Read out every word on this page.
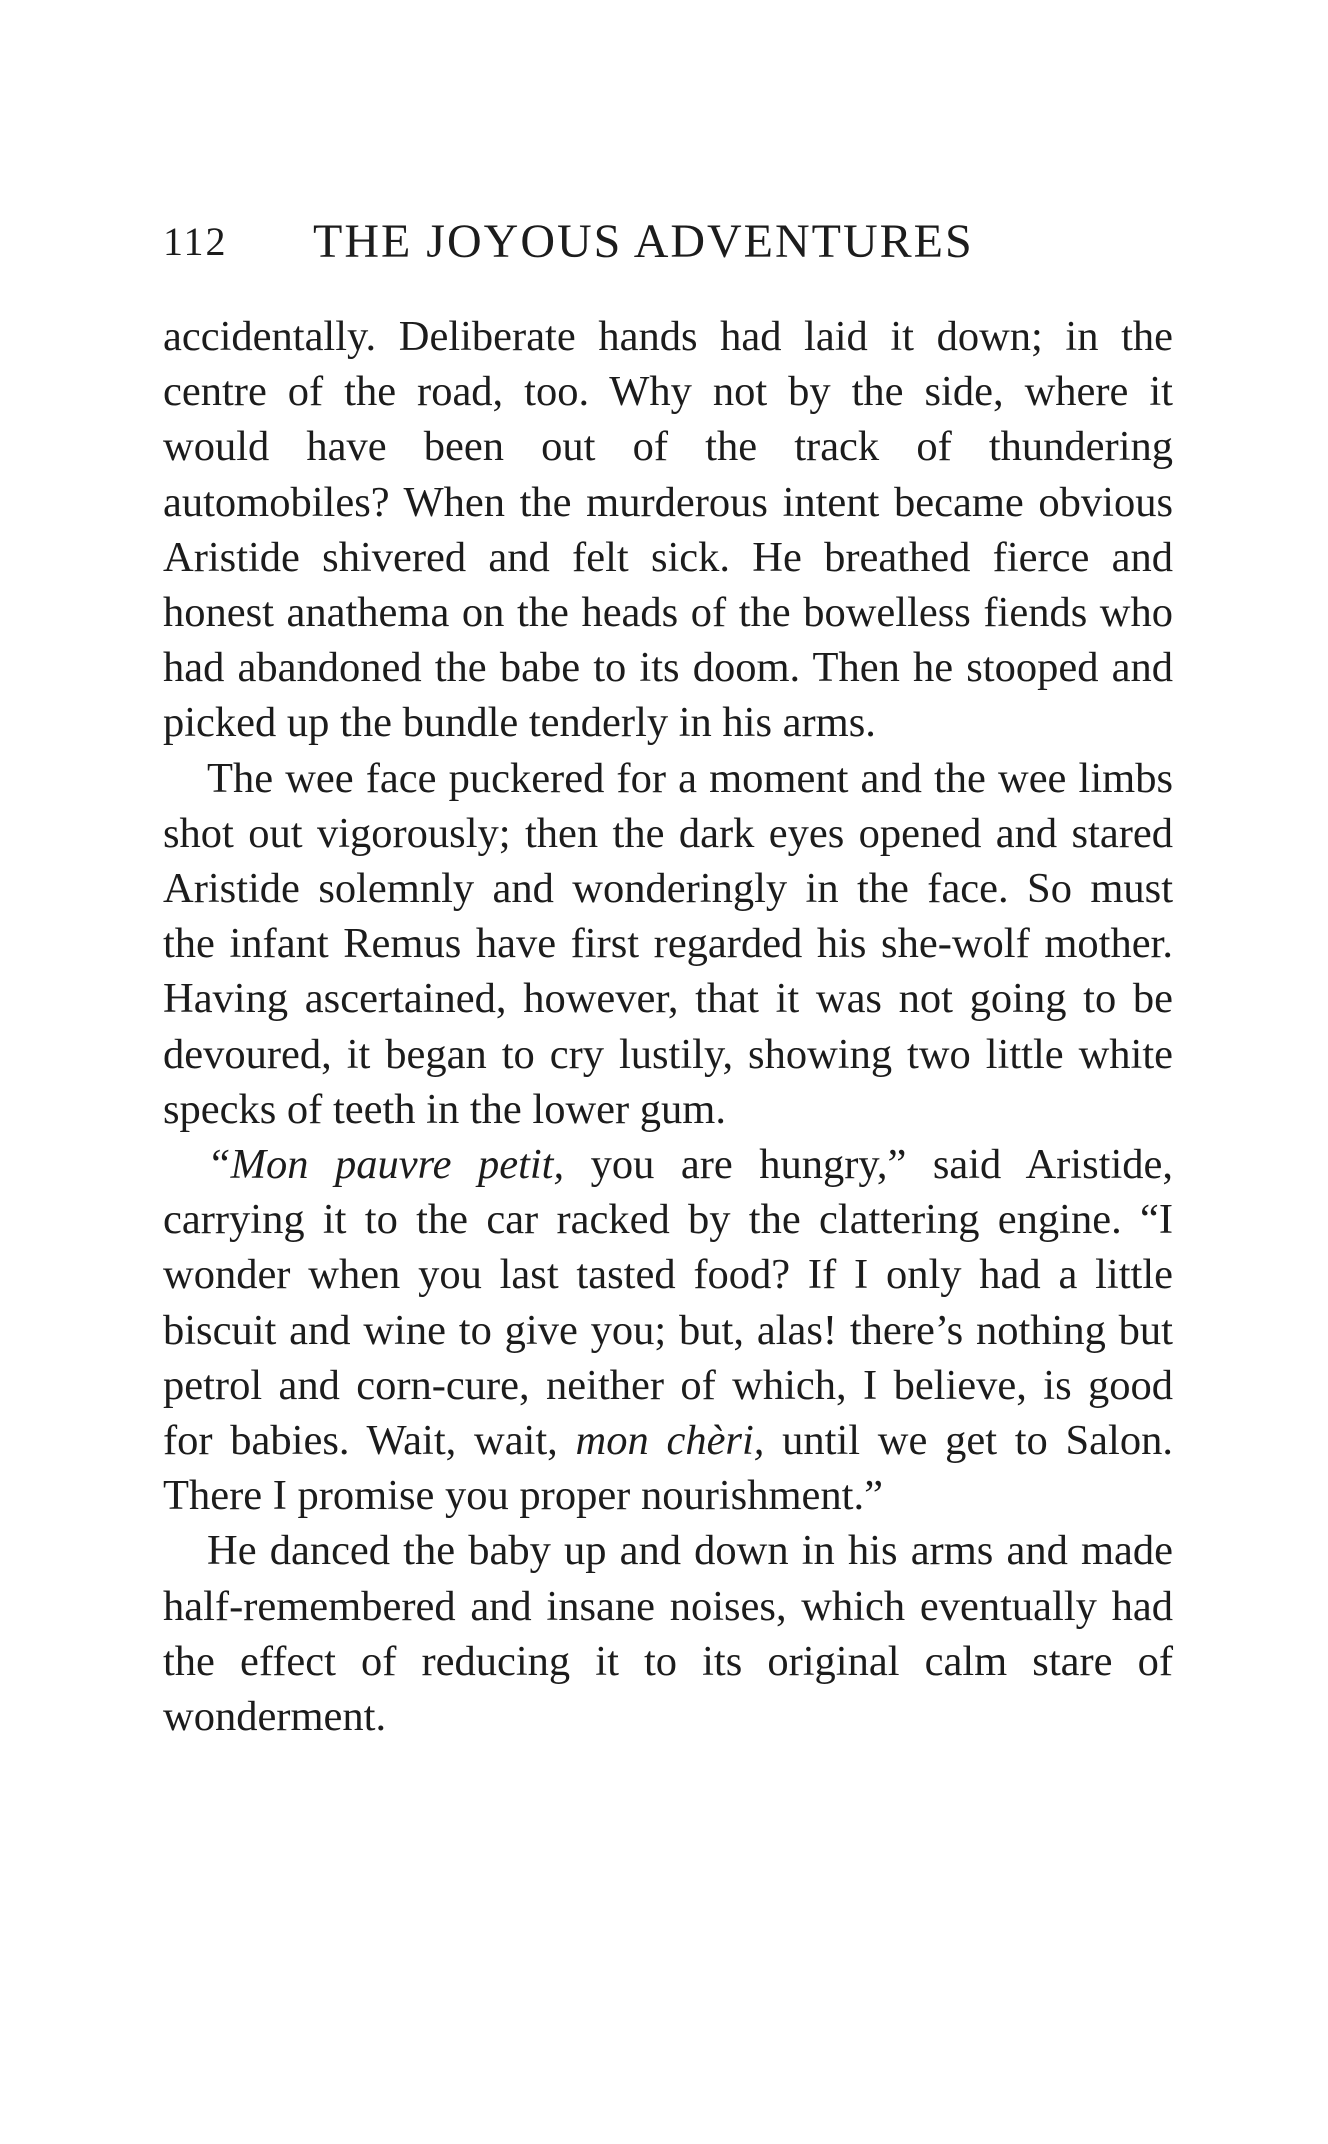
112 THE JOYOUS ADVENTURES

accidentally. Deliberate hands had laid it down; in the centre of the road, too. Why not by the side, where it would have been out of the track of thundering automobiles? When the murderous intent became obvious Aristide shivered and felt sick. He breathed fierce and honest anathema on the heads of the bowelless fiends who had abandoned the babe to its doom. Then he stooped and picked up the bundle tenderly in his arms.

The wee face puckered for a moment and the wee limbs shot out vigorously; then the dark eyes opened and stared Aristide solemnly and wonderingly in the face. So must the infant Remus have first regarded his she-wolf mother. Having ascertained, however, that it was not going to be devoured, it began to cry lustily, showing two little white specks of teeth in the lower gum.

“Mon pauvre petit, you are hungry,” said Aristide, carrying it to the car racked by the clattering engine. “I wonder when you last tasted food? If I only had a little biscuit and wine to give you; but, alas! there’s nothing but petrol and corn-cure, neither of which, I believe, is good for babies. Wait, wait, mon chèri, until we get to Salon. There I promise you proper nourishment.”

He danced the baby up and down in his arms and made half-remembered and insane noises, which eventually had the effect of reducing it to its original calm stare of wonderment.
